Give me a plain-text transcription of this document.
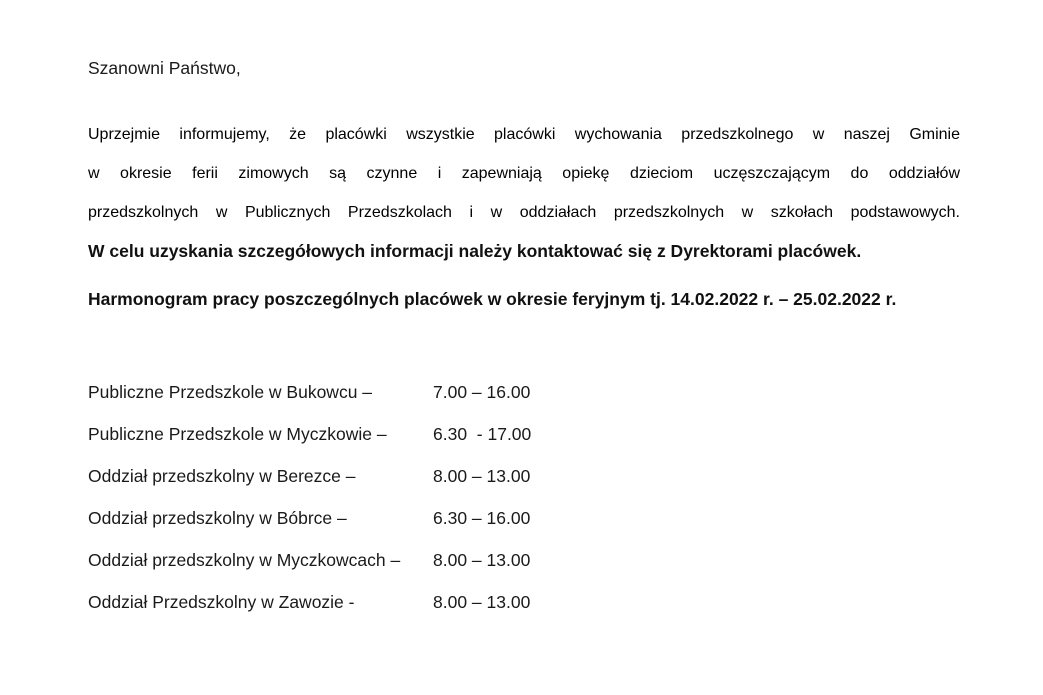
Szanowni Państwo,

Uprzejmie informujemy, że placówki wszystkie placówki wychowania przedszkolnego w naszej Gminie
w okresie ferii zimowych są czynne i zapewniają opiekę dzieciom uczęszczającym do oddziałów
przedszkolnych w Publicznych Przedszkolach i w oddziałach przedszkolnych w szkołach podstawowych.

W celu uzyskania szczegółowych informacji należy kontaktować się z Dyrektorami placówek.

Harmonogram pracy poszczególnych placówek w okresie feryjnym tj. 14.02.2022 r. – 25.02.2022 r.

Publiczne Przedszkole w Bukowcu –	7.00 – 16.00
Publiczne Przedszkole w Myczkowie –	6.30  - 17.00
Oddział przedszkolny w Berezce –	8.00 – 13.00
Oddział przedszkolny w Bóbrce –	6.30 – 16.00
Oddział przedszkolny w Myczkowcach –	8.00 – 13.00
Oddział Przedszkolny w Zawozie -	8.00 – 13.00
